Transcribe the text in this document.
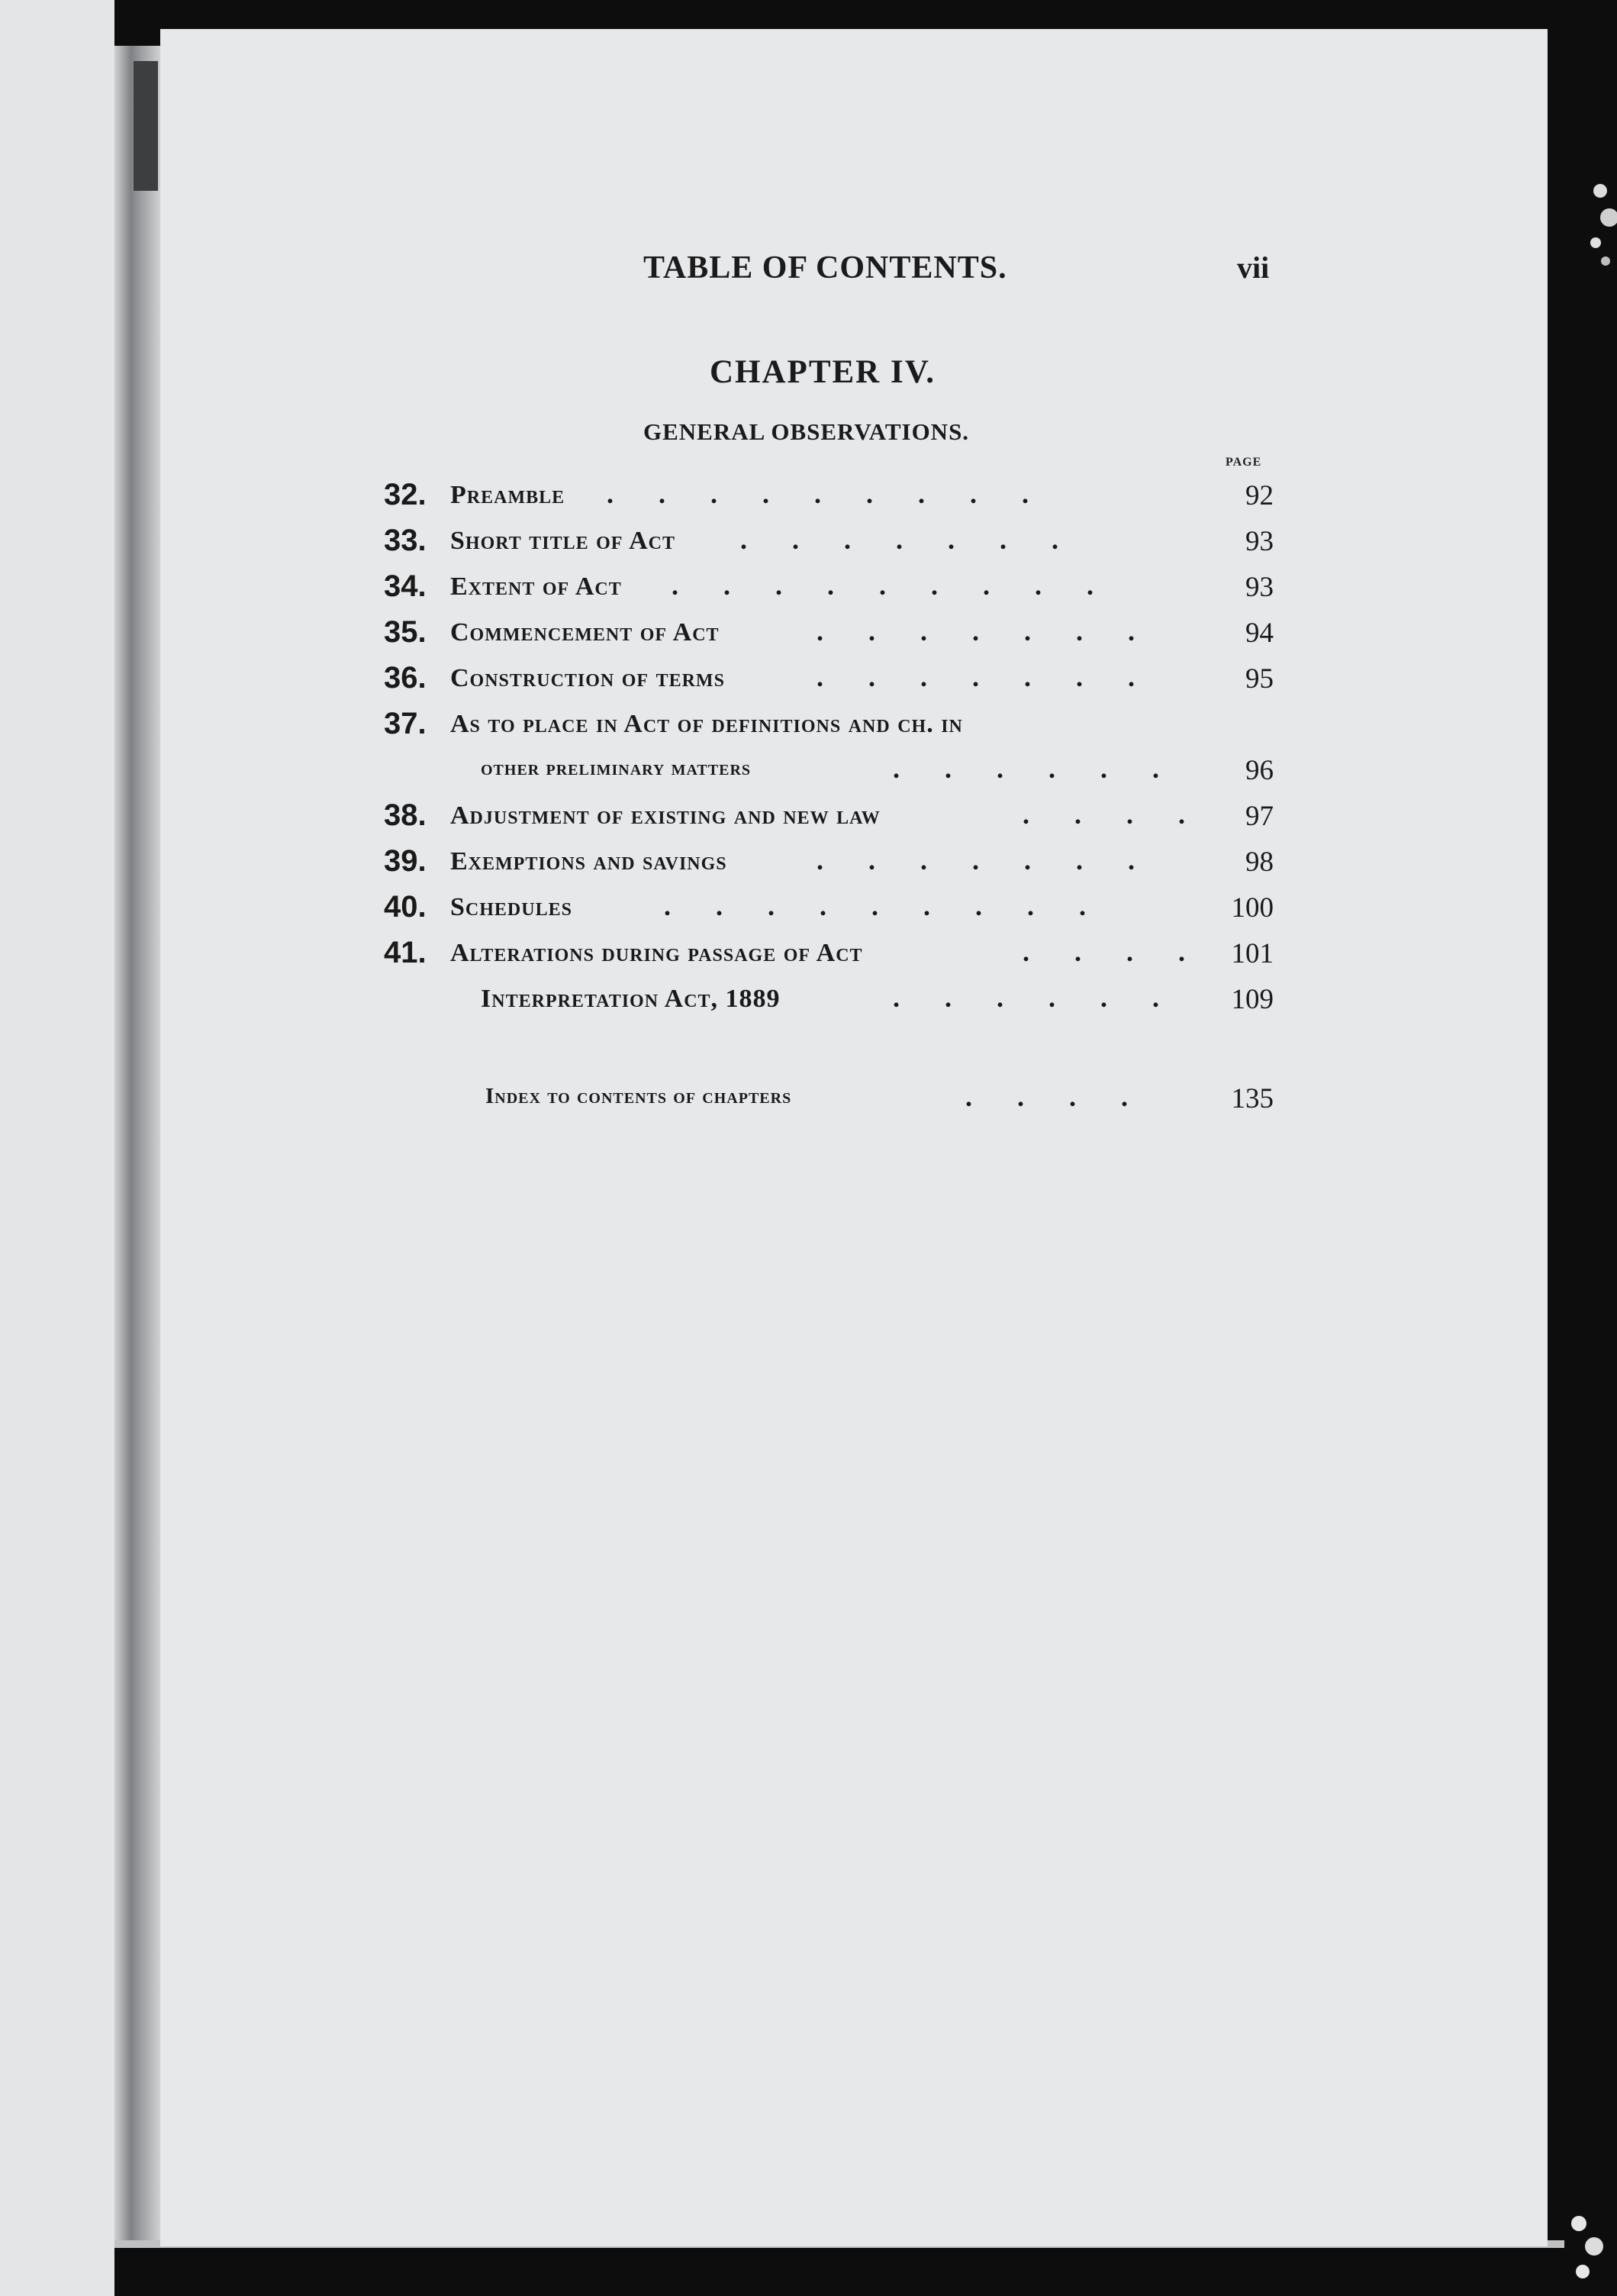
TABLE OF CONTENTS.	vii
CHAPTER IV.
GENERAL OBSERVATIONS.
PAGE
32. Preamble . . . . . . . . .	92
33. Short title of Act . . . . . . .	93
34. Extent of Act . . . . . . . . .	93
35. Commencement of Act	. . . . . . .	94
36. Construction of terms	. . . . . . .	95
37. As to place in Act of definitions and ch. in
other preliminary matters	. . . . . .	96
38. Adjustment of existing and new law	. . . .	97
39. Exemptions and savings	. . . . . . .	98
40. Schedules	. . . . . . . . .	100
41. Alterations during passage of Act	. . . . 101
Interpretation Act, 1889	. . . . . .	109
Index to contents of chapters	. . . .	135
